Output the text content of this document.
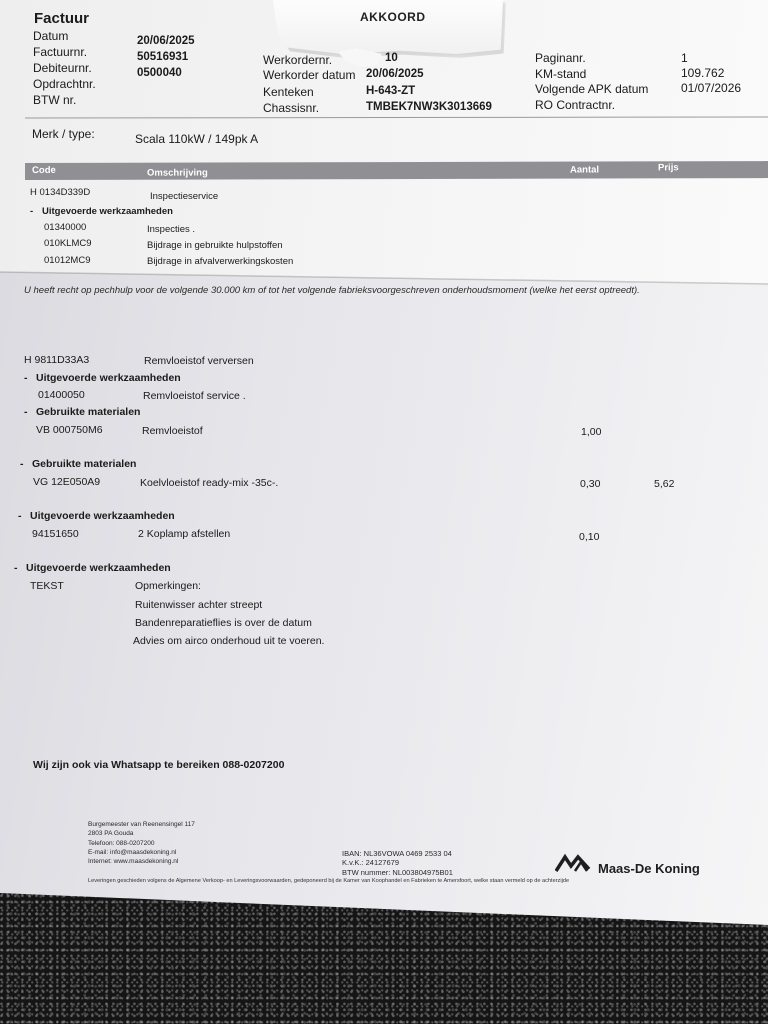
AKKOORD
Factuur
Datum	20/06/2025
Factuurnr.	50516931
Debiteurnr.	0500040
Opdrachtnr.
BTW nr.
Werkordernr.	10
Werkorder datum 20/06/2025
Kenteken	H-643-ZT
Chassisnr.	TMBEK7NW3K3013669
Paginanr.	1
KM-stand	109.762
Volgende APK datum	01/07/2026
RO Contractnr.
Merk / type:	Scala 110kW / 149pk A
Code	Omschrijving	Aantal	Prijs
H 0134D339D	Inspectieservice
- Uitgevoerde werkzaamheden
01340000	Inspecties .
010KLMC9	Bijdrage in gebruikte hulpstoffen
01012MC9	Bijdrage in afvalverwerkingskosten
U heeft recht op pechhulp voor de volgende 30.000 km of tot het volgende fabrieksvoorgeschreven onderhoudsmoment (welke het eerst optreedt).
H 9811D33A3	Remvloeistof verversen
- Uitgevoerde werkzaamheden
01400050	Remvloeistof service .
- Gebruikte materialen
VB 000750M6	Remvloeistof	1,00
- Gebruikte materialen
VG 12E050A9	Koelvloeistof ready-mix -35c-.	0,30	5,62
- Uitgevoerde werkzaamheden
94151650	2 Koplamp afstellen	0,10
- Uitgevoerde werkzaamheden
TEKST	Opmerkingen:
Ruitenwisser achter streept
Bandenreparatieflies is over de datum
Advies om airco onderhoud uit te voeren.
Wij zijn ook via Whatsapp te bereiken 088-0207200
Burgemeester van Reenensingel 117
2803 PA Gouda
Telefoon: 088-0207200
E-mail: info@maasdekoning.nl
Internet: www.maasdekoning.nl
IBAN: NL36VOWA 0469 2533 04
K.v.K.: 24127679
BTW nummer: NL003804975B01	Maas-De Koning
Leveringen geschieden volgens de Algemene Verkoop- en Leveringsvoorwaarden, gedeponeerd bij de Kamer van Koophandel en Fabrieken te Amersfoort, welke staan vermeld op de achterzijde
